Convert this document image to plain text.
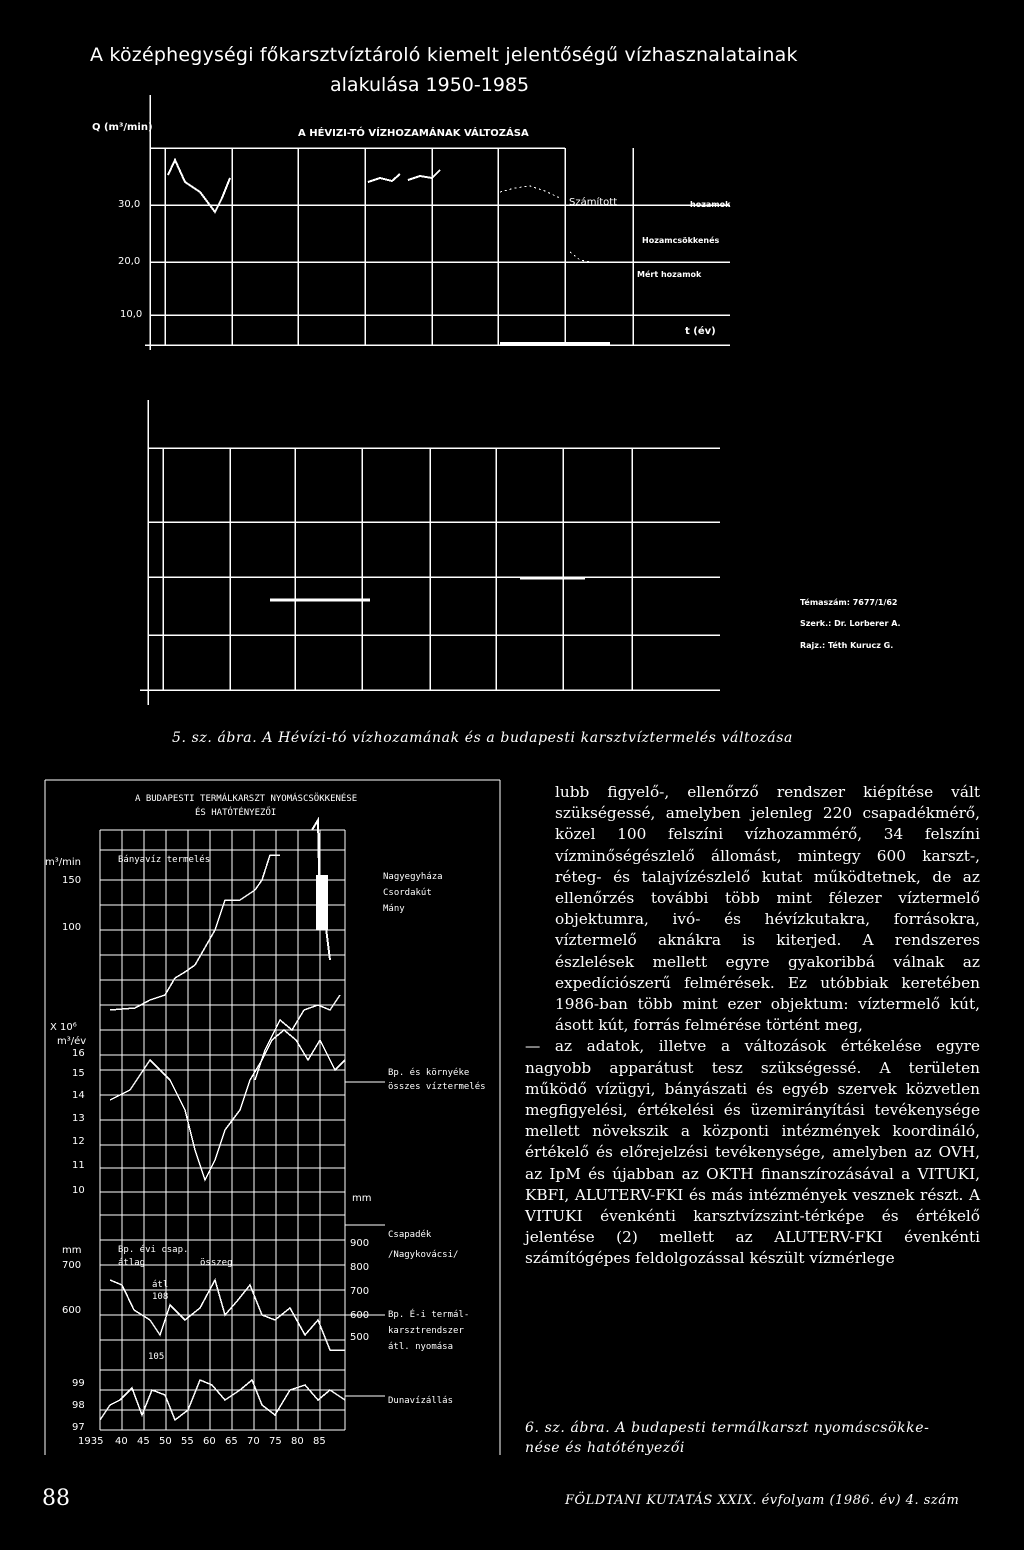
A középhegységi főkarsztvíztároló kiemelt jelentőségű vízhasznalatainak
alakulása 1950-1985
Q (m³/min)
A HÉVIZI-TÓ VÍZHOZAMÁNAK VÁLTOZÁSA
30,0
20,0
10,0
Számított	hozamok
Hozamcsökkenés
Mért hozamok
t (év)
Témaszám: 7677/1/62
Szerk.: Dr. Lorberer A.
Rajz.: Téth Kurucz G.
5. sz. ábra. A Hévízi-tó vízhozamának és a budapesti karsztvíztermelés változása
A BUDAPESTI TERMÁLKARSZT NYOMÁSCSÖKKENÉSE
ÉS HATÓTÉNYEZŐI
m³/min
150
100
X 10⁶
m³/év
16
15
14
13
12
11
10
mm
700
600
99
98
97
mm
900
800
700
600
500
1935 40 45 50 55 60 65 70 75 80 85
Bányavíz termelés
Bp. évi csap.
átlag	összeg
átl
108
105
Nagyegyháza
Csordakút
Mány
Bp. és környéke
összes víztermelés
Csapadék
/Nagykovácsi/
Bp. É-i termál-
karsztrendszer
átl. nyomása
Dunavízállás

lubb figyelő-, ellenőrző rendszer kiépítése vált szükségessé, amelyben jelenleg 220 csapadékmérő, közel 100 felszíni vízhozammérő, 34 felszíni vízminőségészlelő állomást, mintegy 600 karszt-, réteg- és talajvízészlelő kutat működtetnek, de az ellenőrzés további több mint félezer víztermelő objektumra, ivó- és hévízkutakra, forrásokra, víztermelő aknákra is kiterjed. A rendszeres észlelések mellett egyre gyakoribbá válnak az expedíciószerű felmérések. Ez utóbbiak keretében 1986-ban több mint ezer objektum: víztermelő kút, ásott kút, forrás felmérése történt meg,

— az adatok, illetve a változások értékelése egyre nagyobb apparátust tesz szükségessé. A területen működő vízügyi, bányászati és egyéb szervek közvetlen megfigyelési, értékelési és üzemirányítási tevékenysége mellett növekszik a központi intézmények koordináló, értékelő és előrejelzési tevékenysége, amelyben az OVH, az IpM és újabban az OKTH finanszírozásával a VITUKI, KBFI, ALUTERV-FKI és más intézmények vesznek részt. A VITUKI évenkénti karsztvízszint-térképe és értékelő jelentése (2) mellett az ALUTERV-FKI évenkénti számítógépes feldolgozással készült vízmérlege

6. sz. ábra. A budapesti termálkarszt nyomáscsökke-
nése és hatótényezői
88	FÖLDTANI KUTATÁS XXIX. évfolyam (1986. év) 4. szám
